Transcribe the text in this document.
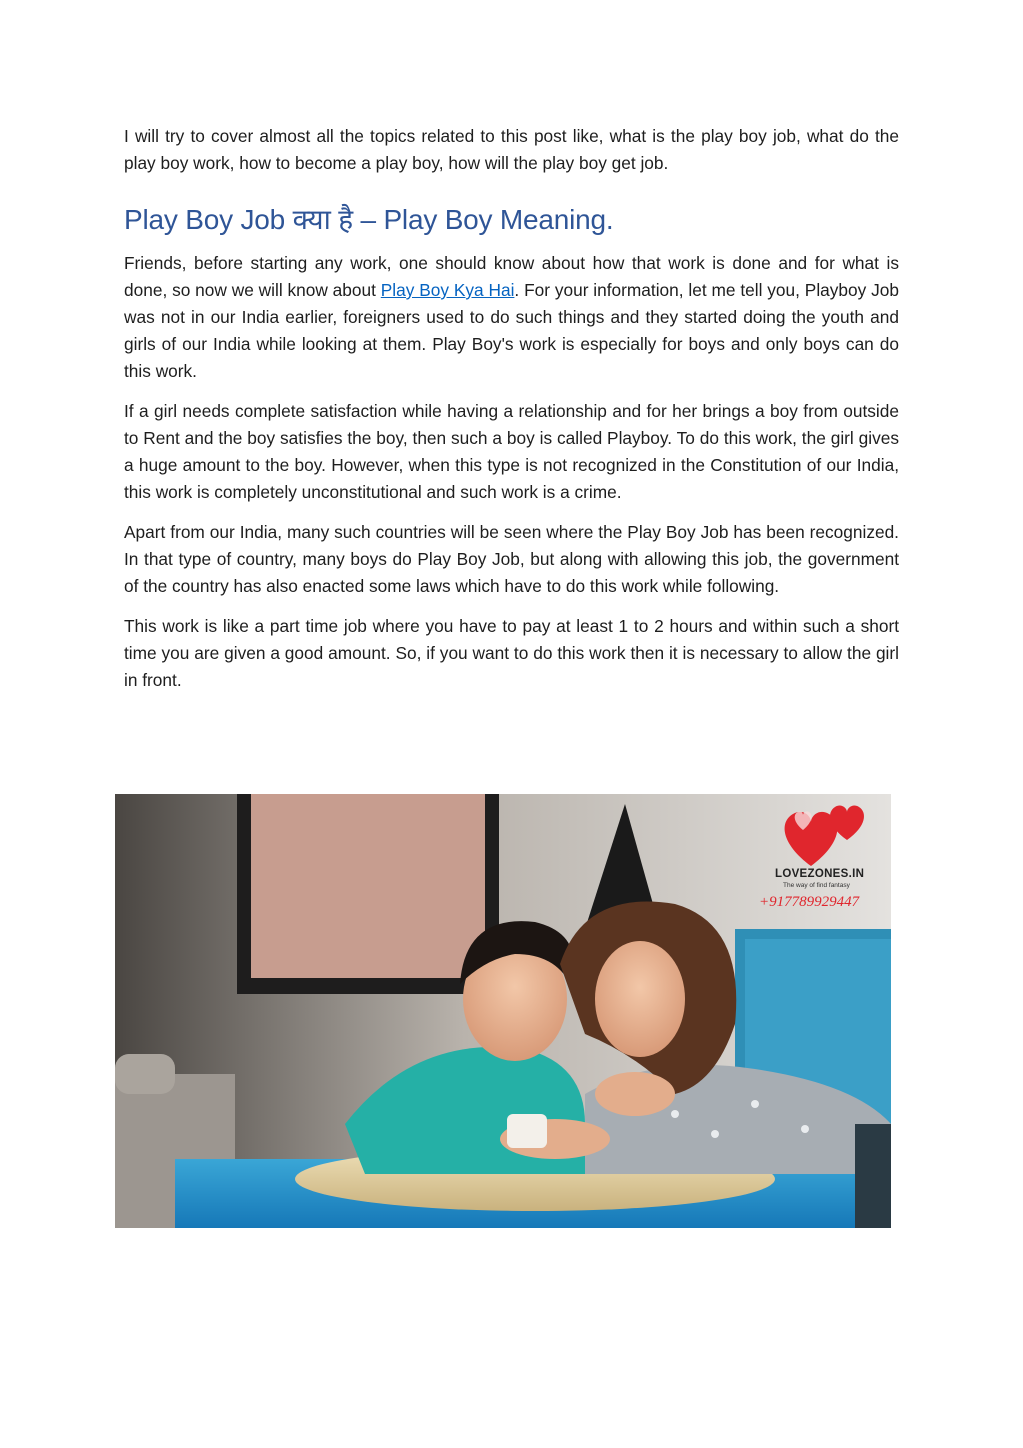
I will try to cover almost all the topics related to this post like, what is the play boy job, what do the play boy work, how to become a play boy, how will the play boy get job.

Play Boy Job क्या है – Play Boy Meaning.

Friends, before starting any work, one should know about how that work is done and for what is done, so now we will know about Play Boy Kya Hai. For your information, let me tell you, Playboy Job was not in our India earlier, foreigners used to do such things and they started doing the youth and girls of our India while looking at them. Play Boy's work is especially for boys and only boys can do this work.

If a girl needs complete satisfaction while having a relationship and for her brings a boy from outside to Rent and the boy satisfies the boy, then such a boy is called Playboy. To do this work, the girl gives a huge amount to the boy. However, when this type is not recognized in the Constitution of our India, this work is completely unconstitutional and such work is a crime.

Apart from our India, many such countries will be seen where the Play Boy Job has been recognized. In that type of country, many boys do Play Boy Job, but along with allowing this job, the government of the country has also enacted some laws which have to do this work while following.

This work is like a part time job where you have to pay at least 1 to 2 hours and within such a short time you are given a good amount. So, if you want to do this work then it is necessary to allow the girl in front.

LOVEZONES.IN
The way of find fantasy
+917789929447
